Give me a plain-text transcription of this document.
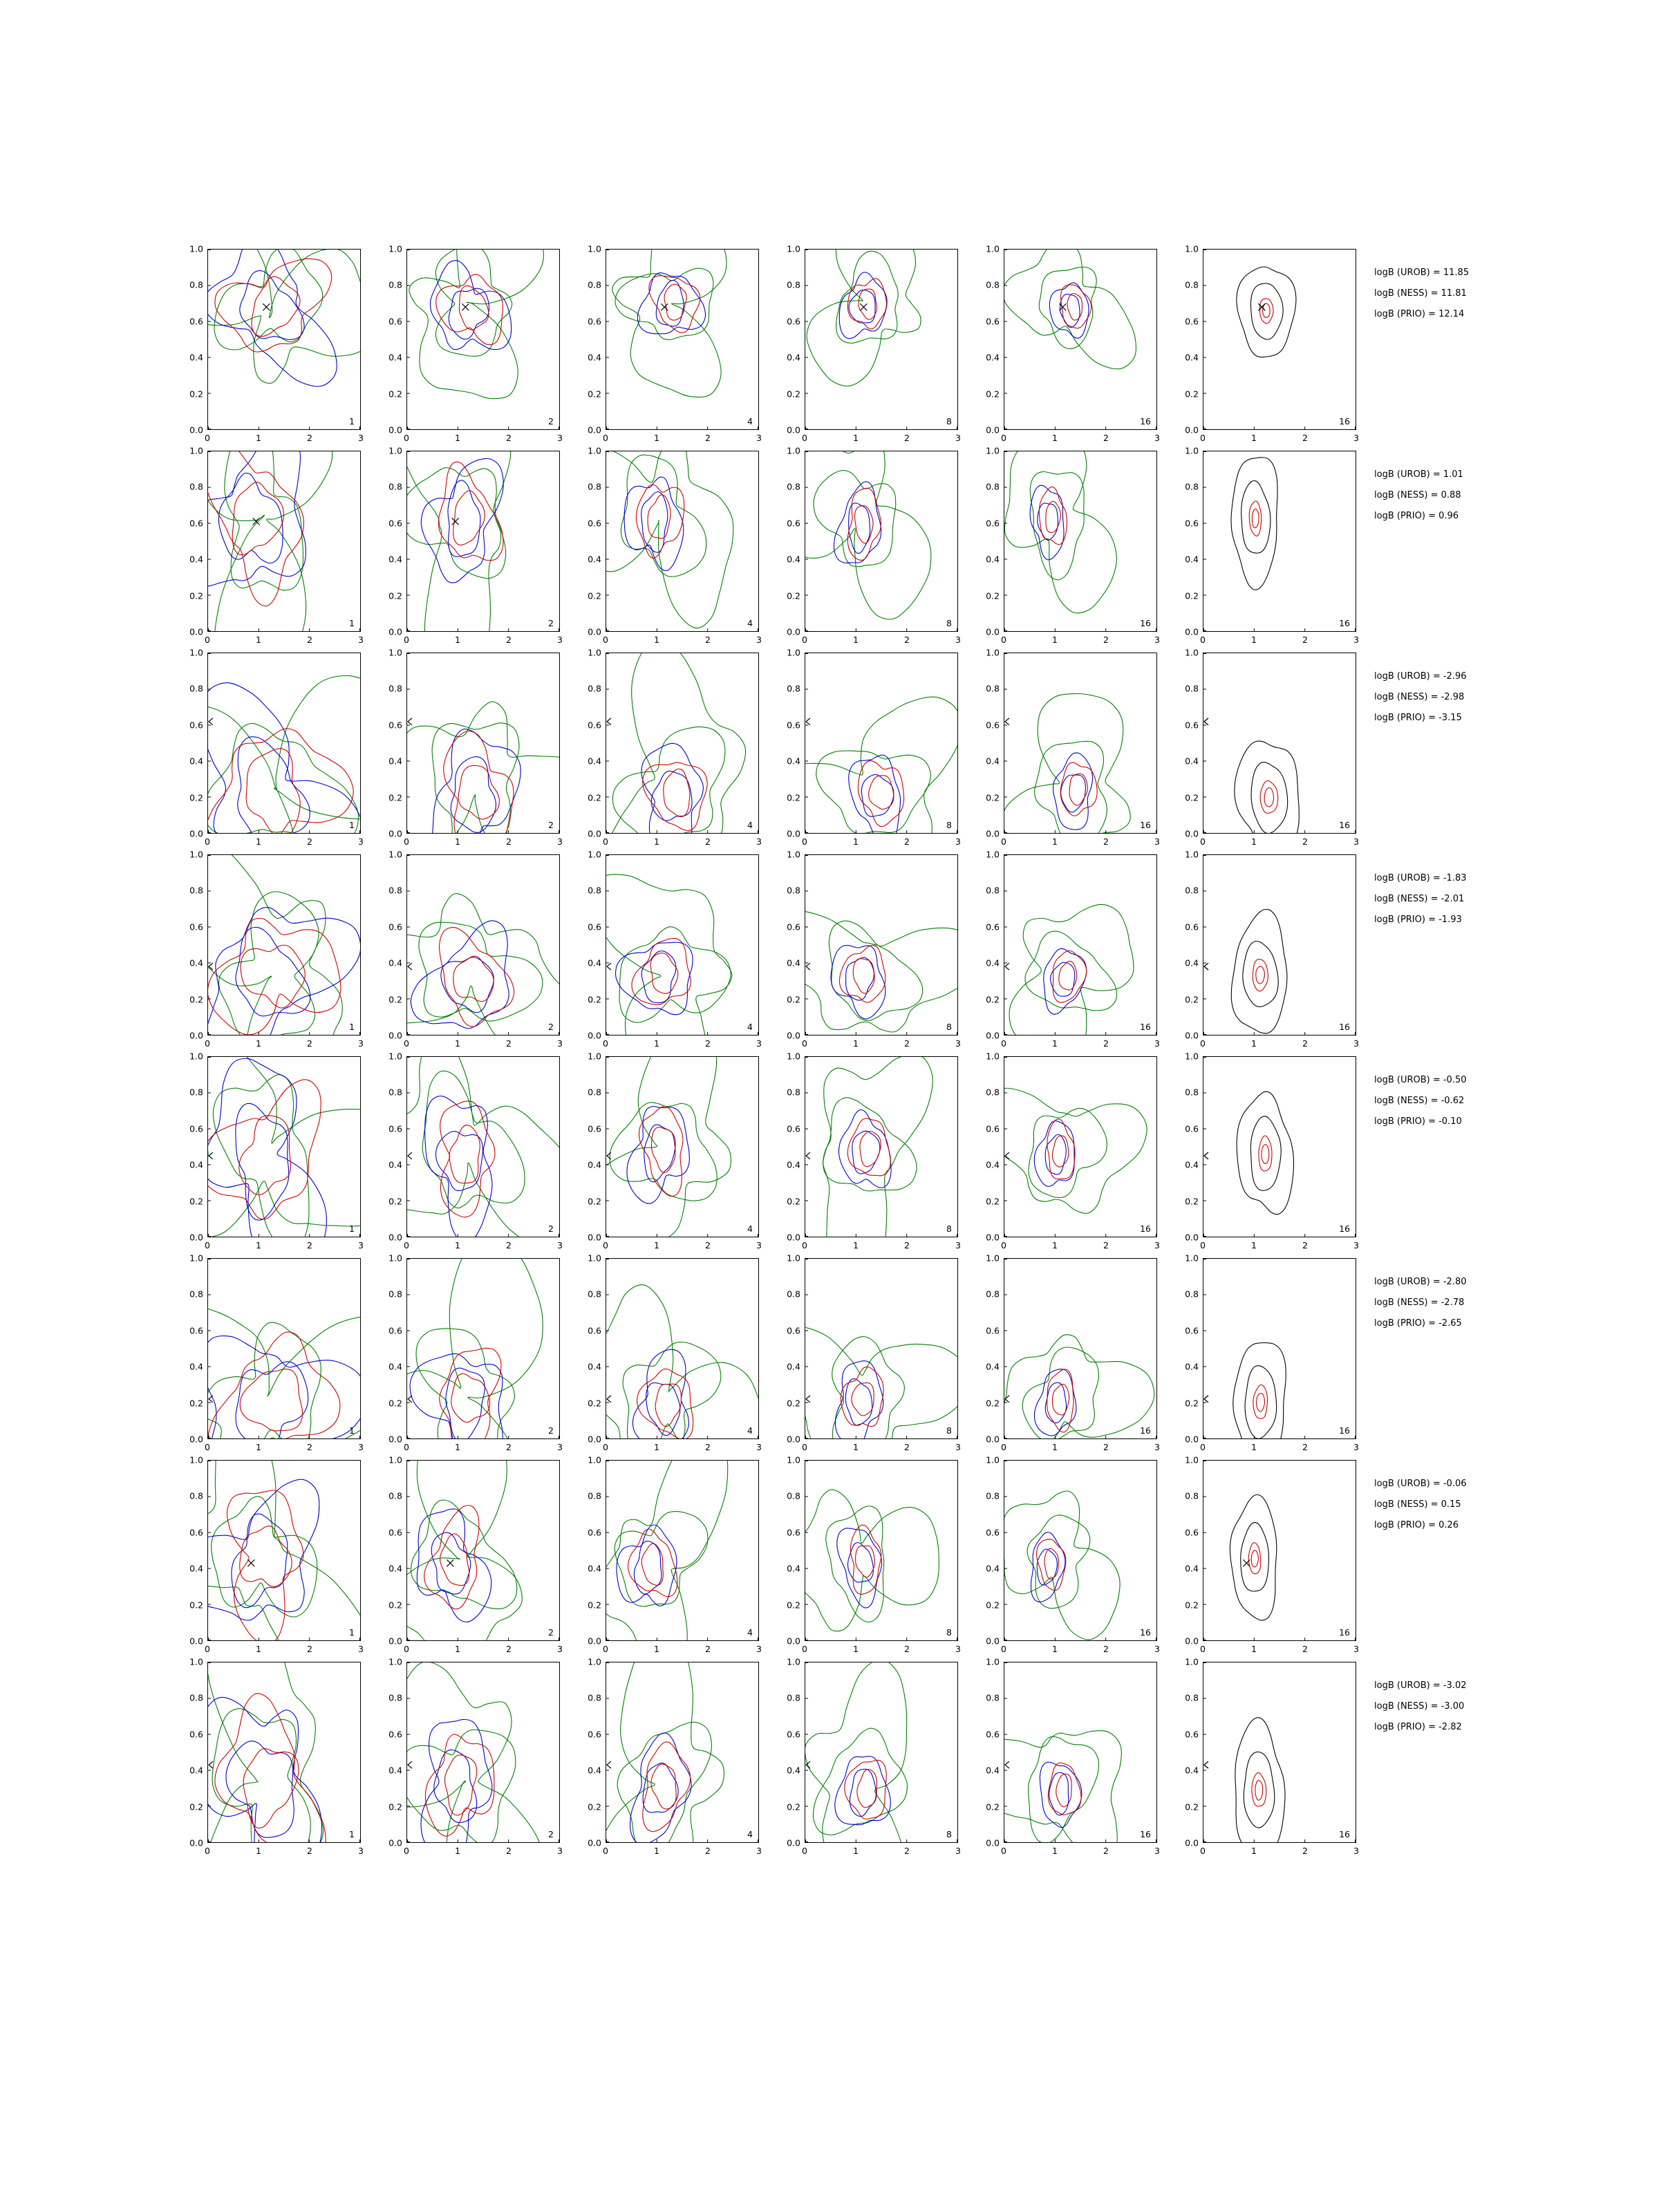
0.0
0.2
0.4
0.6
0.8
1.0
1
0	1	2	3
0.0
0.2
0.4
0.6
0.8
1.0
2
0	1	2	3
0.0
0.2
0.4
0.6
0.8
1.0
4
0	1	2	3
0.0
0.2
0.4
0.6
0.8
1.0
8
0	1	2	3
0.0
0.2
0.4
0.6
0.8
1.0
16
0	1	2	3
0.0
0.2
0.4
0.6
0.8
1.0
16
0	1	2	3
0.0
0.2
0.4
0.6
0.8
1.0
1
0	1	2	3
0.0
0.2
0.4
0.6
0.8
1.0
2
0	1	2	3
0.0
0.2
0.4
0.6
0.8
1.0
4
0	1	2	3
0.0
0.2
0.4
0.6
0.8
1.0
8
0	1	2	3
0.0
0.2
0.4
0.6
0.8
1.0
16
0	1	2	3
0.0
0.2
0.4
0.6
0.8
1.0
16
0	1	2	3
0.0
0.2
0.4
0.6
0.8
1.0
1
0	1	2	3
0.0
0.2
0.4
0.6
0.8
1.0
2
0	1	2	3
0.0
0.2
0.4
0.6
0.8
1.0
4
0	1	2	3
0.0
0.2
0.4
0.6
0.8
1.0
8
0	1	2	3
0.0
0.2
0.4
0.6
0.8
1.0
16
0	1	2	3
0.0
0.2
0.4
0.6
0.8
1.0
16
0	1	2	3
0.0
0.2
0.4
0.6
0.8
1.0
1
0	1	2	3
0.0
0.2
0.4
0.6
0.8
1.0
2
0	1	2	3
0.0
0.2
0.4
0.6
0.8
1.0
4
0	1	2	3
0.0
0.2
0.4
0.6
0.8
1.0
8
0	1	2	3
0.0
0.2
0.4
0.6
0.8
1.0
16
0	1	2	3
0.0
0.2
0.4
0.6
0.8
1.0
16
0	1	2	3
0.0
0.2
0.4
0.6
0.8
1.0
1
0	1	2	3
0.0
0.2
0.4
0.6
0.8
1.0
2
0	1	2	3
0.0
0.2
0.4
0.6
0.8
1.0
4
0	1	2	3
0.0
0.2
0.4
0.6
0.8
1.0
8
0	1	2	3
0.0
0.2
0.4
0.6
0.8
1.0
16
0	1	2	3
0.0
0.2
0.4
0.6
0.8
1.0
16
0	1	2	3
0.0
0.2
0.4
0.6
0.8
1.0
1
0	1	2	3
0.0
0.2
0.4
0.6
0.8
1.0
2
0	1	2	3
0.0
0.2
0.4
0.6
0.8
1.0
4
0	1	2	3
0.0
0.2
0.4
0.6
0.8
1.0
8
0	1	2	3
0.0
0.2
0.4
0.6
0.8
1.0
16
0	1	2	3
0.0
0.2
0.4
0.6
0.8
1.0
16
0	1	2	3
0.0
0.2
0.4
0.6
0.8
1.0
1
0	1	2	3
0.0
0.2
0.4
0.6
0.8
1.0
2
0	1	2	3
0.0
0.2
0.4
0.6
0.8
1.0
4
0	1	2	3
0.0
0.2
0.4
0.6
0.8
1.0
8
0	1	2	3
0.0
0.2
0.4
0.6
0.8
1.0
16
0	1	2	3
0.0
0.2
0.4
0.6
0.8
1.0
16
0	1	2	3
0.0
0.2
0.4
0.6
0.8
1.0
1
0	1	2	3
0.0
0.2
0.4
0.6
0.8
1.0
2
0	1	2	3
0.0
0.2
0.4
0.6
0.8
1.0
4
0	1	2	3
0.0
0.2
0.4
0.6
0.8
1.0
8
0	1	2	3
0.0
0.2
0.4
0.6
0.8
1.0
16
0	1	2	3
0.0
0.2
0.4
0.6
0.8
1.0
16
0	1	2	3
logB (UROB) = 11.85
logB (NESS) = 11.81
logB (PRIO) = 12.14
logB (UROB) = 1.01
logB (NESS) = 0.88
logB (PRIO) = 0.96
logB (UROB) = -2.96
logB (NESS) = -2.98
logB (PRIO) = -3.15
logB (UROB) = -1.83
logB (NESS) = -2.01
logB (PRIO) = -1.93
logB (UROB) = -0.50
logB (NESS) = -0.62
logB (PRIO) = -0.10
logB (UROB) = -2.80
logB (NESS) = -2.78
logB (PRIO) = -2.65
logB (UROB) = -0.06
logB (NESS) = 0.15
logB (PRIO) = 0.26
logB (UROB) = -3.02
logB (NESS) = -3.00
logB (PRIO) = -2.82
